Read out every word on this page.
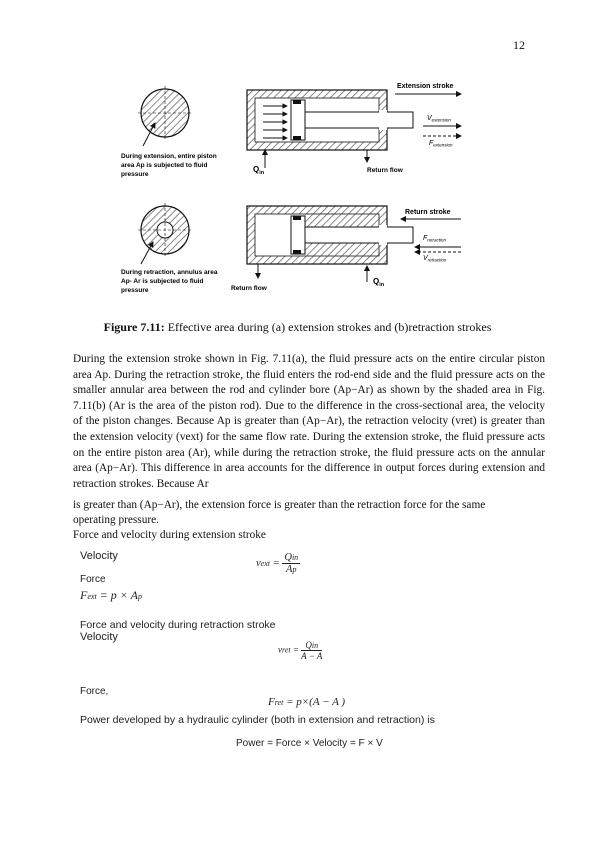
12
During extension, entire piston
area Ap is subjected to fluid
pressure
$Q_{in}$	Return flow
Extension stroke
$V_{extension}$
$F_{extension}$
During retraction, annulus area
Ap- Ar is subjected to fluid
pressure	Return flow
$Q_{in}$
Return stroke
$F_{retraction}$
$V_{retraction}$
Figure 7.11: Effective area during (a) extension strokes and (b)retraction strokes
During the extension stroke shown in Fig. 7.11(a), the fluid pressure acts on the entire circular piston area Ap. During the retraction stroke, the fluid enters the rod-end side and the fluid pressure acts on the smaller annular area between the rod and cylinder bore (Ap−Ar) as shown by the shaded area in Fig. 7.11(b) (Ar is the area of the piston rod). Due to the difference in the cross-sectional area, the velocity of the piston changes. Because Ap is greater than (Ap−Ar), the retraction velocity (vret) is greater than the extension velocity (vext) for the same flow rate. During the extension stroke, the fluid pressure acts on the entire piston area (Ar), while during the retraction stroke, the fluid pressure acts on the annular area (Ap−Ar). This difference in area accounts for the difference in output forces during extension and retraction strokes. Because Ar
is greater than (Ap−Ar), the extension force is greater than the retraction force for the same
operating pressure.
Force and velocity during extension stroke
Velocity
vext =
Qin
Ap
Force
Fext = p × Ap
Force and velocity during retraction stroke
Velocity
vret = Qin
A − A
Force,
Fret = p×(A − A )
Power developed by a hydraulic cylinder (both in extension and retraction) is
Power = Force × Velocity = F × V
